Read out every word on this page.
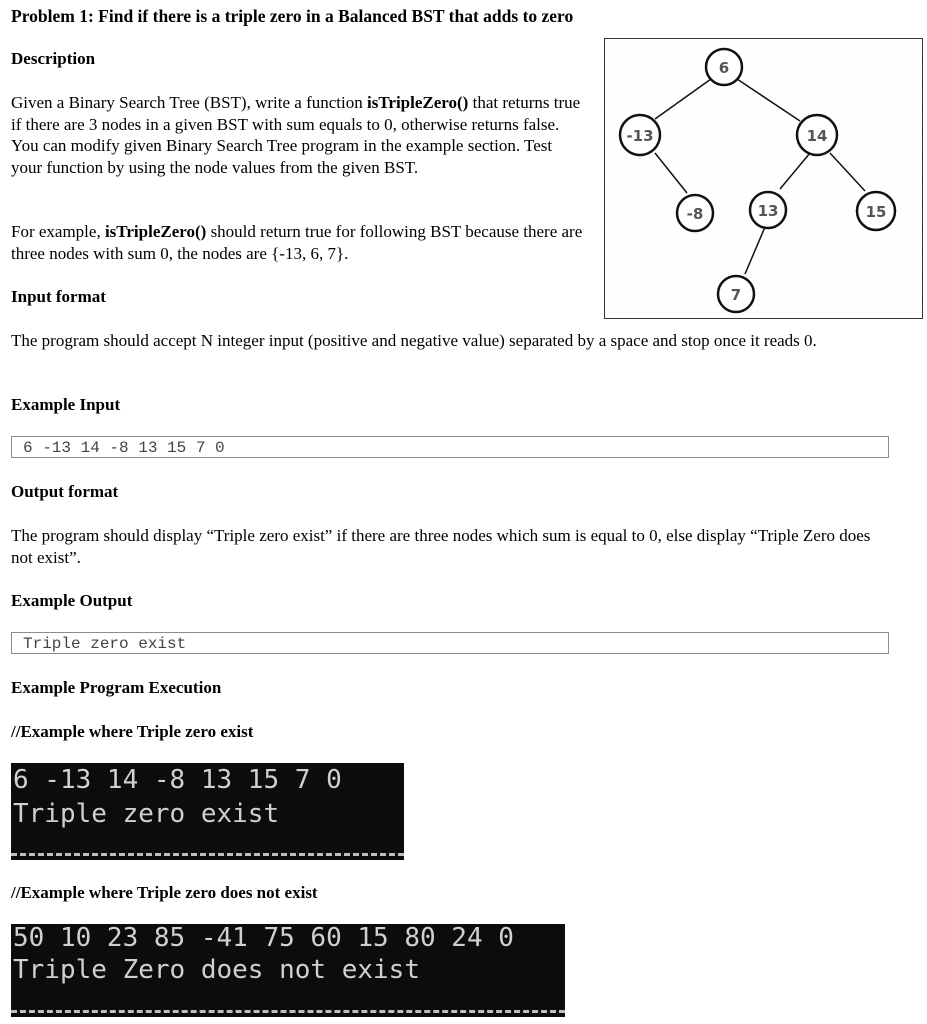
Problem 1: Find if there is a triple zero in a Balanced BST that adds to zero
Description

Given a Binary Search Tree (BST), write a function isTripleZero() that returns true if there are 3 nodes in a given BST with sum equals to 0, otherwise returns false. You can modify given Binary Search Tree program in the example section. Test your function by using the node values from the given BST.

For example, isTripleZero() should return true for following BST because there are three nodes with sum 0, the nodes are {-13, 6, 7}.

6
-13	14
-8	13	15
7
Input format

The program should accept N integer input (positive and negative value) separated by a space and stop once it reads 0.

Example Input
6 -13 14 -8 13 15 7 0
Output format

The program should display “Triple zero exist” if there are three nodes which sum is equal to 0, else display “Triple Zero does not exist”.

Example Output
Triple zero exist
Example Program Execution
//Example where Triple zero exist
6 -13 14 -8 13 15 7 0
Triple zero exist
//Example where Triple zero does not exist
50 10 23 85 -41 75 60 15 80 24 0
Triple Zero does not exist
